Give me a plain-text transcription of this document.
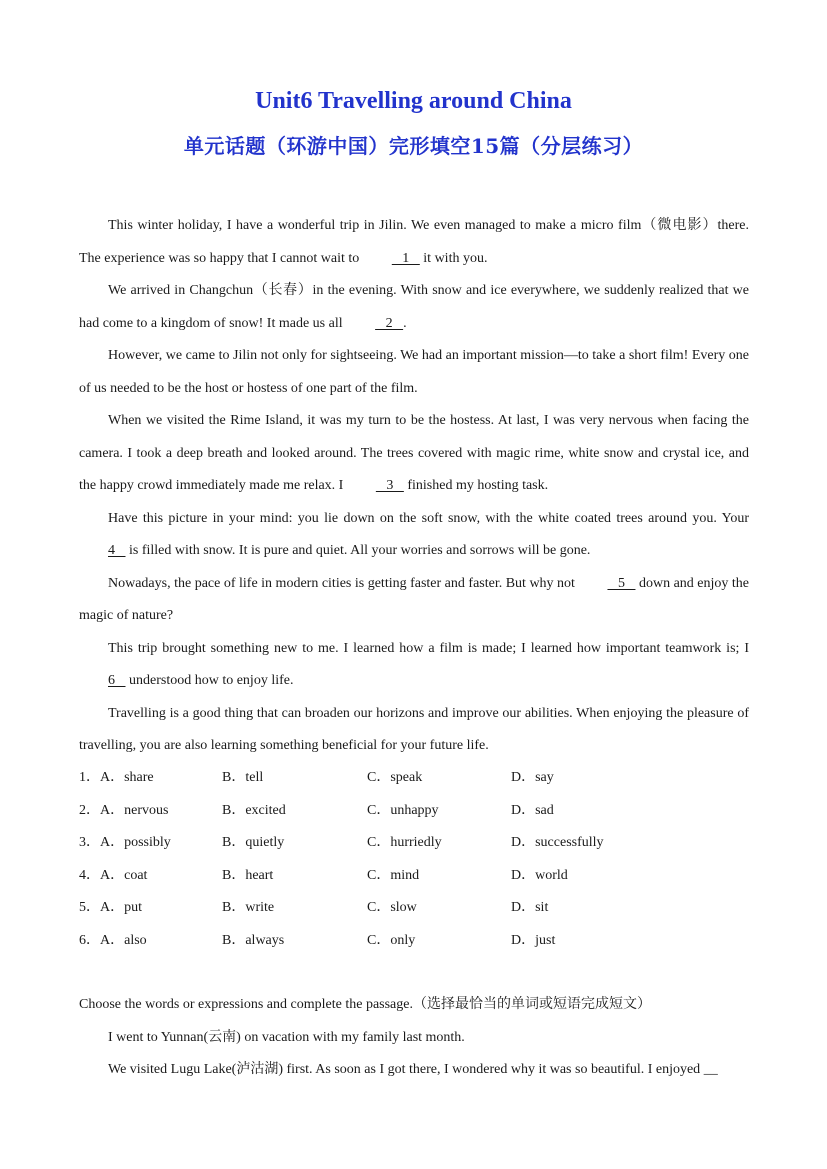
Unit6 Travelling around China
单元话题（环游中国）完形填空15篇（分层练习）

This winter holiday, I have a wonderful trip in Jilin. We even managed to make a micro film（微电影）there. The experience was so happy that I cannot wait to    1    it with you.

We arrived in Changchun（长春）in the evening. With snow and ice everywhere, we suddenly realized that we had come to a kingdom of snow! It made us all    2   .

However, we came to Jilin not only for sightseeing. We had an important mission—to take a short film! Every one of us needed to be the host or hostess of one part of the film.

When we visited the Rime Island, it was my turn to be the hostess. At last, I was very nervous when facing the camera. I took a deep breath and looked around. The trees covered with magic rime, white snow and crystal ice, and the happy crowd immediately made me relax. I    3    finished my hosting task.

Have this picture in your mind: you lie down on the soft snow, with the white coated trees around you. Your 4    is filled with snow. It is pure and quiet. All your worries and sorrows will be gone.

Nowadays, the pace of life in modern cities is getting faster and faster. But why not    5    down and enjoy the magic of nature?

This trip brought something new to me. I learned how a film is made; I learned how important teamwork is; I 6    understood how to enjoy life.

Travelling is a good thing that can broaden our horizons and improve our abilities. When enjoying the pleasure of travelling, you are also learning something beneficial for your future life.

1．A．share	B．tell	C．speak	D．say
2．A．nervous	B．excited	C．unhappy	D．sad
3．A．possibly	B．quietly	C．hurriedly	D．successfully
4．A．coat	B．heart	C．mind	D．world
5．A．put	B．write	C．slow	D．sit
6．A．also	B．always	C．only	D．just

Choose the words or expressions and complete the passage.（选择最恰当的单词或短语完成短文）

I went to Yunnan(云南) on vacation with my family last month.

We visited Lugu Lake(泸沽湖) first. As soon as I got there, I wondered why it was so beautiful. I enjoyed __
